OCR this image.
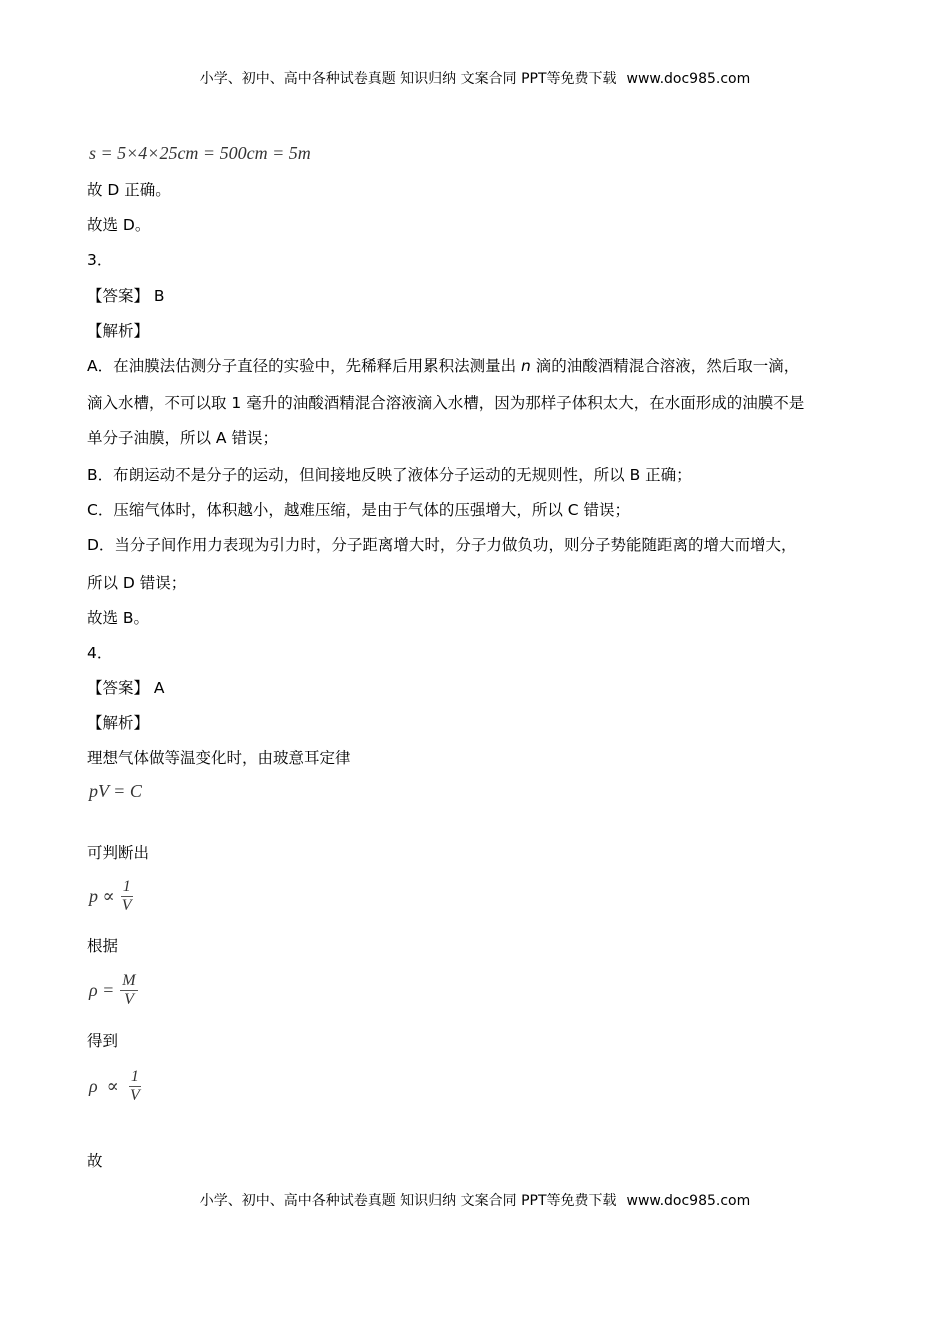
小学、初中、高中各种试卷真题 知识归纳 文案合同 PPT等免费下载 www.doc985.com
s = 5×4×25cm = 500cm = 5m
故 D 正确。
故选 D。
3．
【答案】 B
【解析】
A．在油膜法估测分子直径的实验中，先稀释后用累积法测量出 n 滴的油酸酒精混合溶液，然后取一滴，
滴入水槽，不可以取 1 毫升的油酸酒精混合溶液滴入水槽，因为那样子体积太大，在水面形成的油膜不是
单分子油膜，所以 A 错误；
B．布朗运动不是分子的运动，但间接地反映了液体分子运动的无规则性，所以 B 正确；
C．压缩气体时，体积越小，越难压缩，是由于气体的压强增大，所以 C 错误；
D．当分子间作用力表现为引力时，分子距离增大时，分子力做负功，则分子势能随距离的增大而增大，
所以 D 错误；
故选 B。
4．
【答案】 A
【解析】
理想气体做等温变化时，由玻意耳定律
pV = C
可判断出
$p \propto \frac{1}{V}$
根据
$\rho = \frac{M}{V}$
得到
$\rho \propto \frac{1}{V}$
故
小学、初中、高中各种试卷真题 知识归纳 文案合同 PPT等免费下载 www.doc985.com
